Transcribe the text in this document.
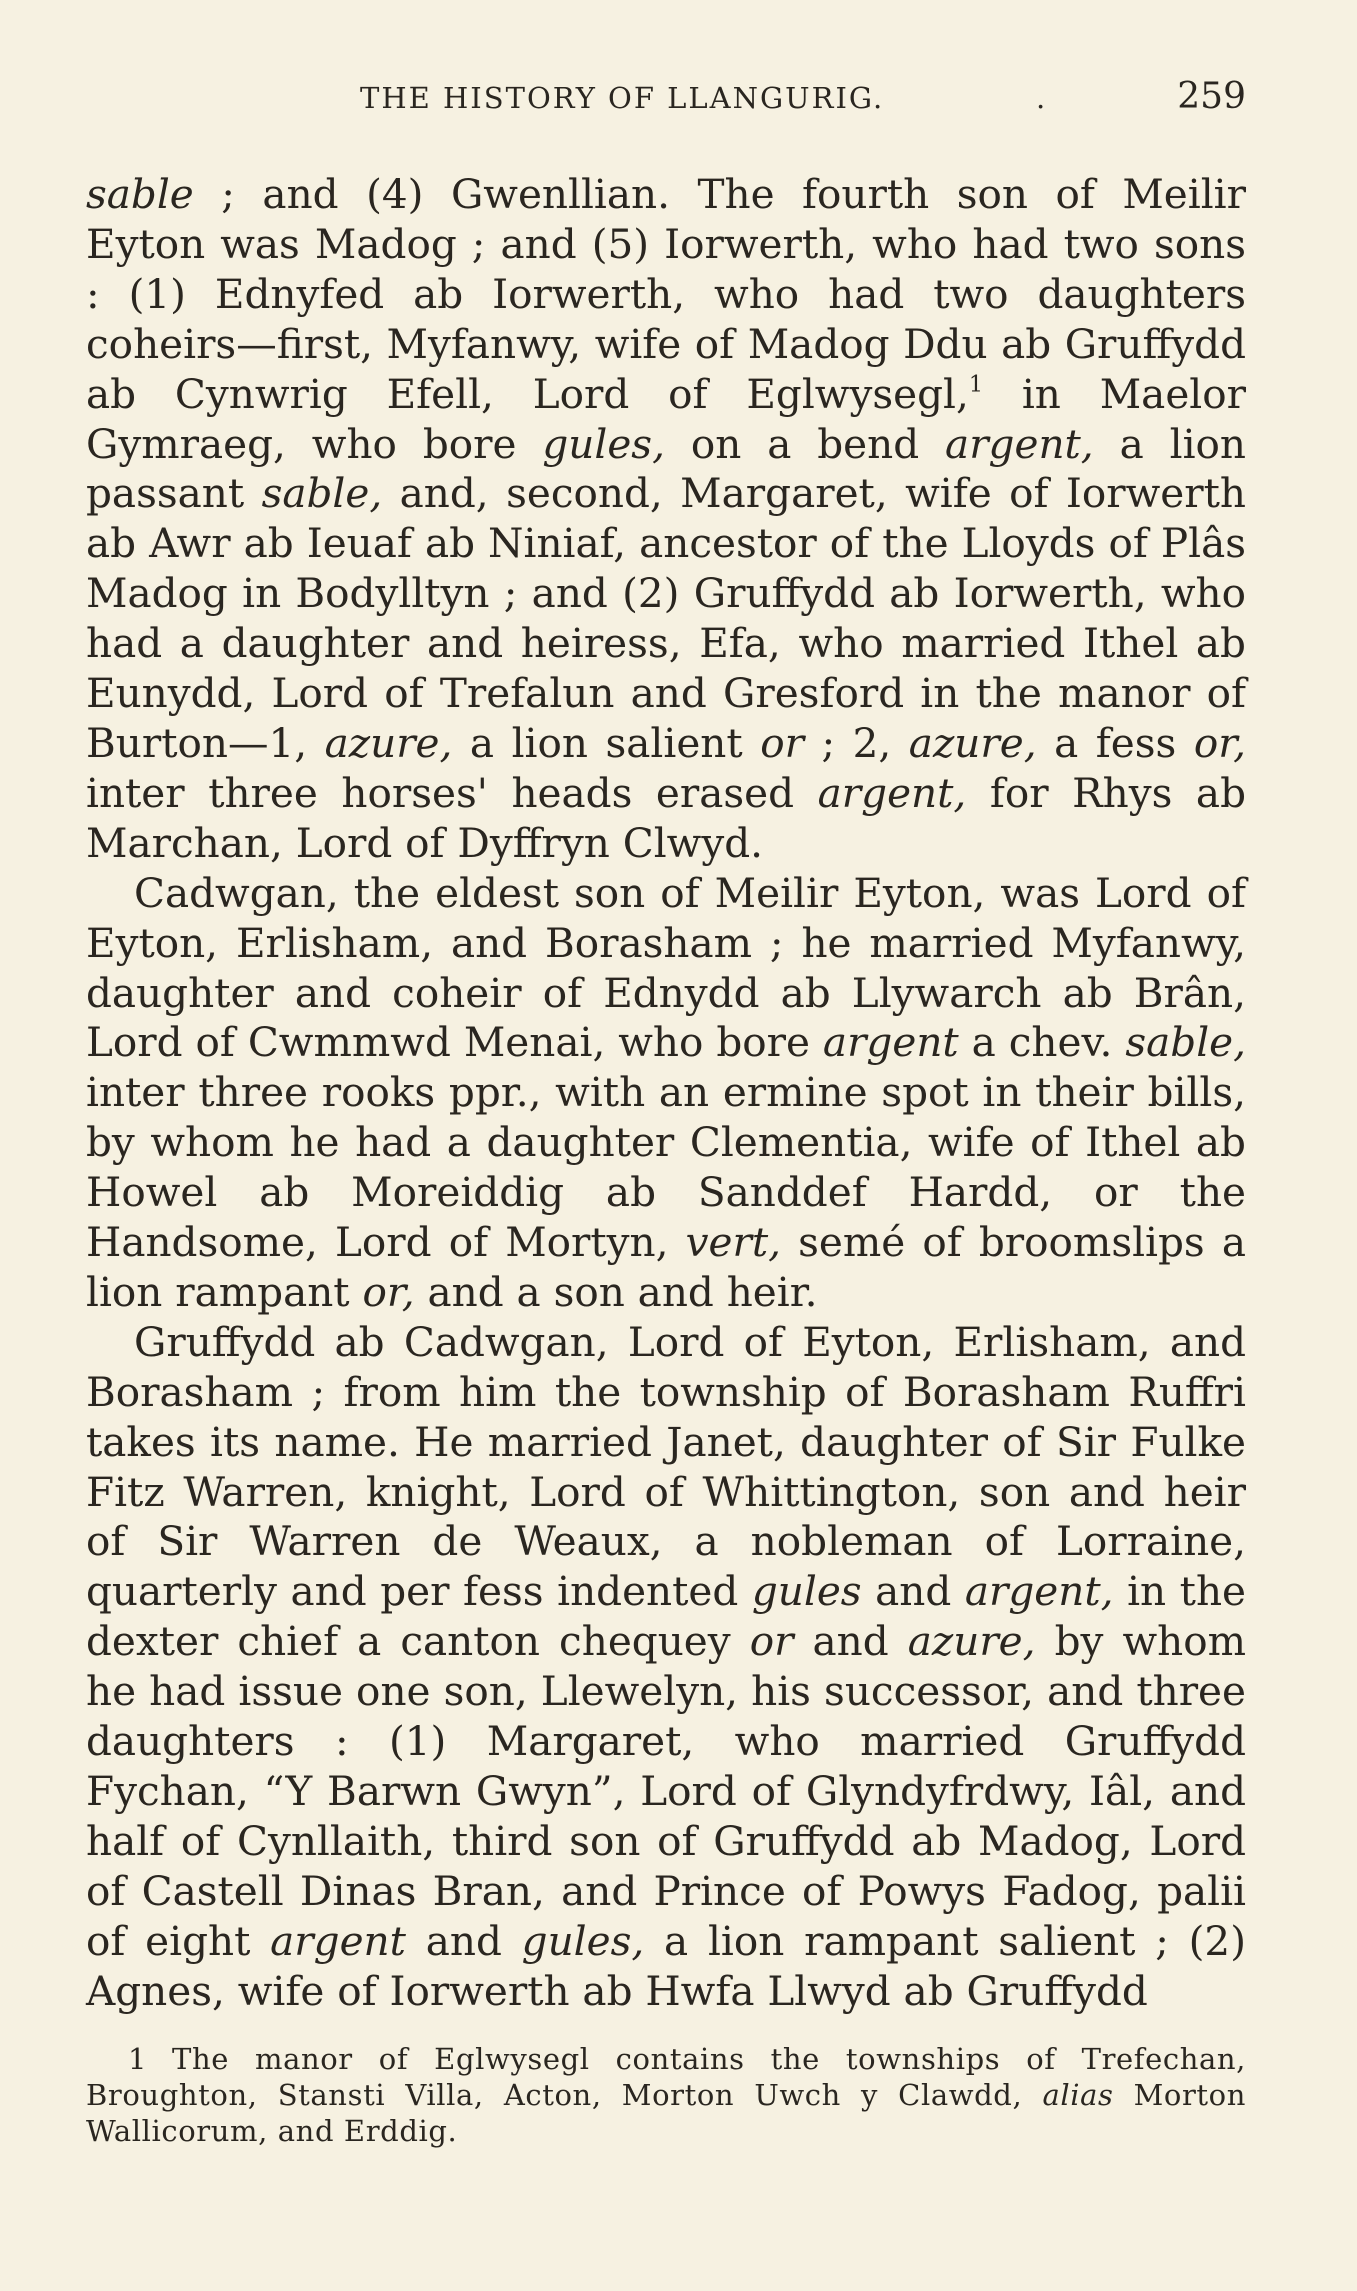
THE HISTORY OF LLANGURIG.	.	259

sable ; and (4) Gwenllian. The fourth son of Meilir Eyton was Madog ; and (5) Iorwerth, who had two sons : (1) Ednyfed ab Iorwerth, who had two daughters coheirs—first, Myfanwy, wife of Madog Ddu ab Gruffydd ab Cynwrig Efell, Lord of Eglwysegl,$^1$ in Maelor Gymraeg, who bore gules, on a bend argent, a lion passant sable, and, second, Margaret, wife of Iorwerth ab Awr ab Ieuaf ab Niniaf, ancestor of the Lloyds of Plâs Madog in Bodylltyn ; and (2) Gruffydd ab Iorwerth, who had a daughter and heiress, Efa, who married Ithel ab Eunydd, Lord of Trefalun and Gresford in the manor of Burton—1, azure, a lion salient or ; 2, azure, a fess or, inter three horses' heads erased argent, for Rhys ab Marchan, Lord of Dyffryn Clwyd.

Cadwgan, the eldest son of Meilir Eyton, was Lord of Eyton, Erlisham, and Borasham ; he married Myfanwy, daughter and coheir of Ednydd ab Llywarch ab Brân, Lord of Cwmmwd Menai, who bore argent a chev. sable, inter three rooks ppr., with an ermine spot in their bills, by whom he had a daughter Clementia, wife of Ithel ab Howel ab Moreiddig ab Sanddef Hardd, or the Handsome, Lord of Mortyn, vert, semé of broomslips a lion rampant or, and a son and heir.

Gruffydd ab Cadwgan, Lord of Eyton, Erlisham, and Borasham ; from him the township of Borasham Ruffri takes its name. He married Janet, daughter of Sir Fulke Fitz Warren, knight, Lord of Whittington, son and heir of Sir Warren de Weaux, a nobleman of Lorraine, quarterly and per fess indented gules and argent, in the dexter chief a canton chequey or and azure, by whom he had issue one son, Llewelyn, his successor, and three daughters : (1) Margaret, who married Gruffydd Fychan, “Y Barwn Gwyn”, Lord of Glyndyfrdwy, Iâl, and half of Cynllaith, third son of Gruffydd ab Madog, Lord of Castell Dinas Bran, and Prince of Powys Fadog, palii of eight argent and gules, a lion rampant salient ; (2) Agnes, wife of Iorwerth ab Hwfa Llwyd ab Gruffydd

1 The manor of Eglwysegl contains the townships of Trefechan, Broughton, Stansti Villa, Acton, Morton Uwch y Clawdd, alias Morton Wallicorum, and Erddig.
